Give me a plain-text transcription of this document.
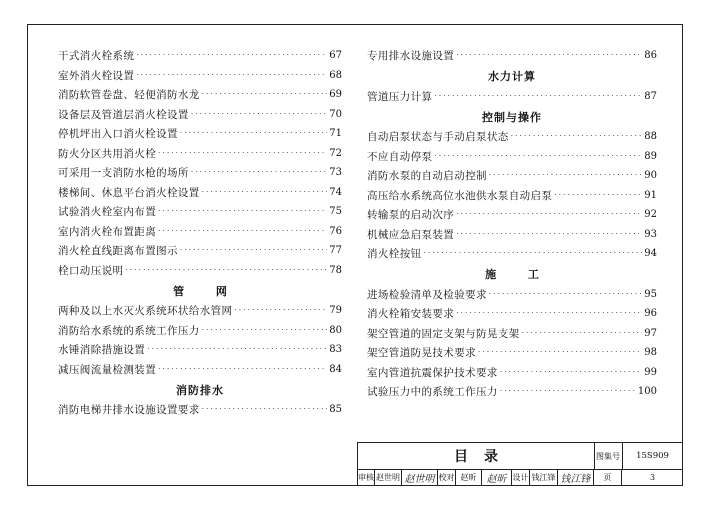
干式消火栓系统 ·····	67
室外消火栓设置 ·····	68
消防软管卷盘、轻便消防水龙 ·····	69
设备层及管道层消火栓设置 ·····	70
停机坪出入口消火栓设置 ·····	71
防火分区共用消火栓 ·····	72
可采用一支消防水枪的场所 ·····	73
楼梯间、休息平台消火栓设置 ·····	74
试验消火栓室内布置 ·····	75
室内消火栓布置距离 ·····	76
消火栓直线距离布置图示 ·····	77
栓口动压说明 ·····	78
管 网
两种及以上水灭火系统环状给水管网 ·····	79
消防给水系统的系统工作压力 ·····	80
水锤消除措施设置 ·····	83
减压阀流量检测装置 ·····	84
消防排水
消防电梯井排水设施设置要求 ·····	85
专用排水设施设置 ·····	86
水力计算
管道压力计算 ·····	87
控制与操作
自动启泵状态与手动启泵状态 ·····	88
不应自动停泵 ·····	89
消防水泵的自动启动控制 ·····	90
高压给水系统高位水池供水泵自动启泵 ·····	91
转输泵的启动次序 ·····	92
机械应急启泵装置 ·····	93
消火栓按钮 ·····	94
施 工
进场检验清单及检验要求 ·····	95
消火栓箱安装要求 ·····	96
架空管道的固定支架与防晃支架 ·····	97
架空管道防晃技术要求 ·····	98
室内管道抗震保护技术要求 ·····	99
试验压力中的系统工作压力 ·····	100
目录	图集号	15S909
审核 赵世明 赵世明 校对 赵昕	赵昕 设计 钱江锋 钱江锋	页	3
